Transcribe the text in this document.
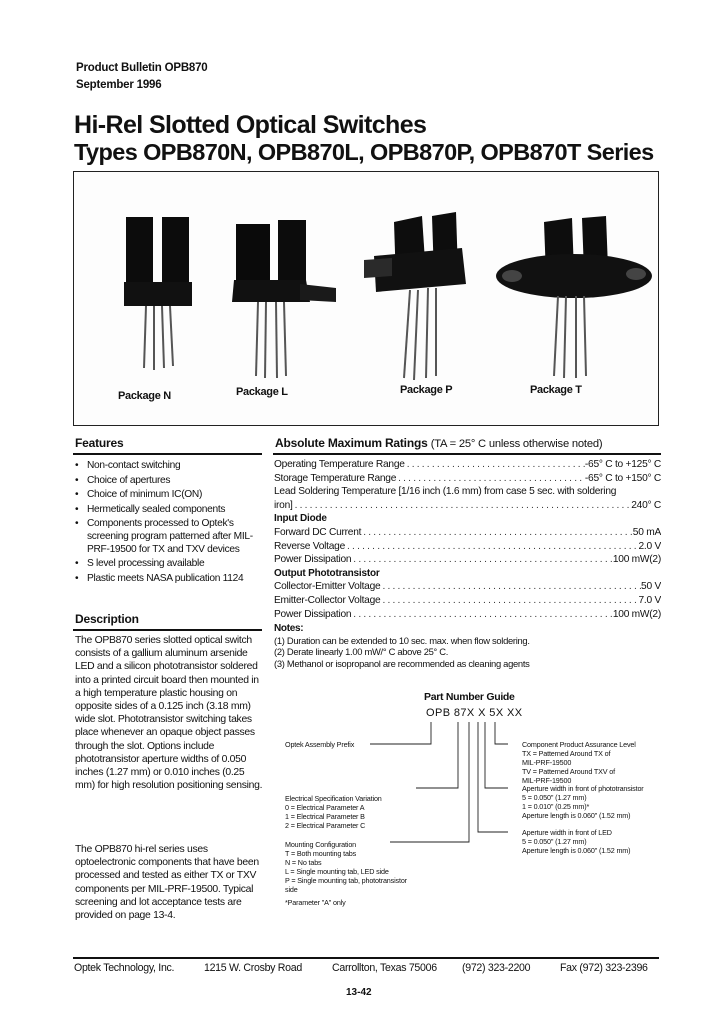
Product Bulletin OPB870
September 1996
Hi-Rel Slotted Optical Switches
Types OPB870N, OPB870L, OPB870P, OPB870T Series
Package N	Package L	Package P	Package T
Features
• Non-contact switching
• Choice of apertures
• Choice of minimum IC(ON)
• Hermetically sealed components
• Components processed to Optek's screening program patterned after MIL-PRF-19500 for TX and TXV devices
• S level processing available
• Plastic meets NASA publication 1124
Description

The OPB870 series slotted optical switch consists of a gallium aluminum arsenide LED and a silicon phototransistor soldered into a printed circuit board then mounted in a high temperature plastic housing on opposite sides of a 0.125 inch (3.18 mm) wide slot. Phototransistor switching takes place whenever an opaque object passes through the slot. Options include phototransistor aperture widths of 0.050 inches (1.27 mm) or 0.010 inches (0.25 mm) for high resolution positioning sensing.

The OPB870 hi-rel series uses optoelectronic components that have been processed and tested as either TX or TXV components per MIL-PRF-19500. Typical screening and lot acceptance tests are provided on page 13-4.

Absolute Maximum Ratings (TA = 25° C unless otherwise noted)
Operating Temperature Range .....	-65° C to +125° C
Storage Temperature Range .....	-65° C to +150° C
Lead Soldering Temperature [1/16 inch (1.6 mm) from case 5 sec. with soldering
iron] .....	240° C
Input Diode
Forward DC Current .....	50 mA
Reverse Voltage .....	2.0 V
Power Dissipation .....	100 mW(2)
Output Phototransistor
Collector-Emitter Voltage .....	50 V
Emitter-Collector Voltage .....	7.0 V
Power Dissipation .....	100 mW(2)
Notes:
(1) Duration can be extended to 10 sec. max. when flow soldering.
(2) Derate linearly 1.00 mW/° C above 25° C.
(3) Methanol or isopropanol are recommended as cleaning agents
Part Number Guide
OPB 87X X 5X XX
Optek Assembly Prefix
Electrical Specification Variation
0 = Electrical Parameter A
1 = Electrical Parameter B
2 = Electrical Parameter C
Mounting Configuration
T = Both mounting tabs
N = No tabs
L = Single mounting tab, LED side
P = Single mounting tab, phototransistor
side
*Parameter "A" only
Component Product Assurance Level
TX = Patterned Around TX of
MIL-PRF-19500
TV = Patterned Around TXV of
MIL-PRF-19500
Aperture width in front of phototransistor
5 = 0.050" (1.27 mm)
1 = 0.010" (0.25 mm)*
Aperture length is 0.060" (1.52 mm)
Aperture width in front of LED
5 = 0.050" (1.27 mm)
Aperture length is 0.060" (1.52 mm)
Optek Technology, Inc.	1215 W. Crosby Road	Carrollton, Texas 75006 (972) 323-2200	Fax (972) 323-2396
13-42
